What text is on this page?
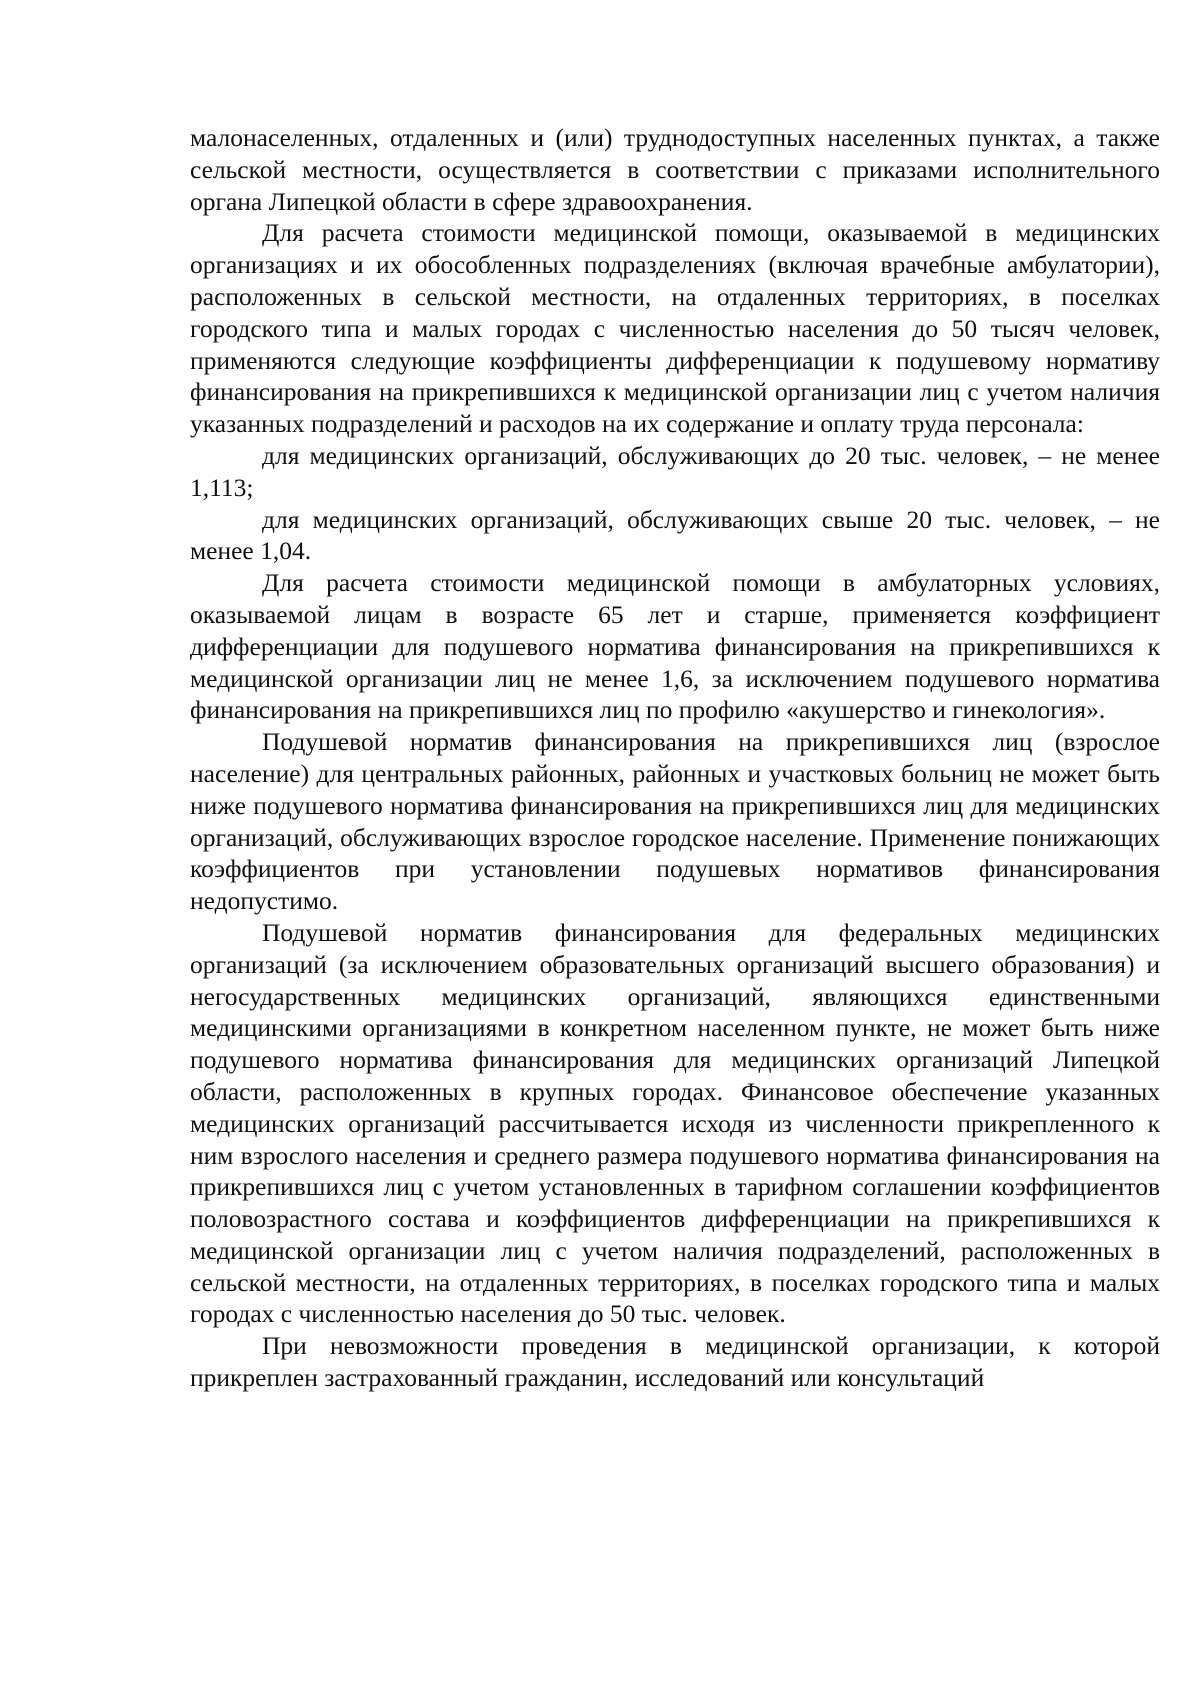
малонаселенных, отдаленных и (или) труднодоступных населенных пунктах, а также сельской местности, осуществляется в соответствии с приказами исполнительного органа Липецкой области в сфере здравоохранения.

Для расчета стоимости медицинской помощи, оказываемой в медицинских организациях и их обособленных подразделениях (включая врачебные амбулатории), расположенных в сельской местности, на отдаленных территориях, в поселках городского типа и малых городах с численностью населения до 50 тысяч человек, применяются следующие коэффициенты дифференциации к подушевому нормативу финансирования на прикрепившихся к медицинской организации лиц с учетом наличия указанных подразделений и расходов на их содержание и оплату труда персонала:

для медицинских организаций, обслуживающих до 20 тыс. человек, – не менее 1,113;

для медицинских организаций, обслуживающих свыше 20 тыс. человек, – не менее 1,04.

Для расчета стоимости медицинской помощи в амбулаторных условиях, оказываемой лицам в возрасте 65 лет и старше, применяется коэффициент дифференциации для подушевого норматива финансирования на прикрепившихся к медицинской организации лиц не менее 1,6, за исключением подушевого норматива финансирования на прикрепившихся лиц по профилю «акушерство и гинекология».

Подушевой норматив финансирования на прикрепившихся лиц (взрослое население) для центральных районных, районных и участковых больниц не может быть ниже подушевого норматива финансирования на прикрепившихся лиц для медицинских организаций, обслуживающих взрослое городское население. Применение понижающих коэффициентов при установлении подушевых нормативов финансирования недопустимо.

Подушевой норматив финансирования для федеральных медицинских организаций (за исключением образовательных организаций высшего образования) и негосударственных медицинских организаций, являющихся единственными медицинскими организациями в конкретном населенном пункте, не может быть ниже подушевого норматива финансирования для медицинских организаций Липецкой области, расположенных в крупных городах. Финансовое обеспечение указанных медицинских организаций рассчитывается исходя из численности прикрепленного к ним взрослого населения и среднего размера подушевого норматива финансирования на прикрепившихся лиц с учетом установленных в тарифном соглашении коэффициентов половозрастного состава и коэффициентов дифференциации на прикрепившихся к медицинской организации лиц с учетом наличия подразделений, расположенных в сельской местности, на отдаленных территориях, в поселках городского типа и малых городах с численностью населения до 50 тыс. человек.

При невозможности проведения в медицинской организации, к которой прикреплен застрахованный гражданин, исследований или консультаций
